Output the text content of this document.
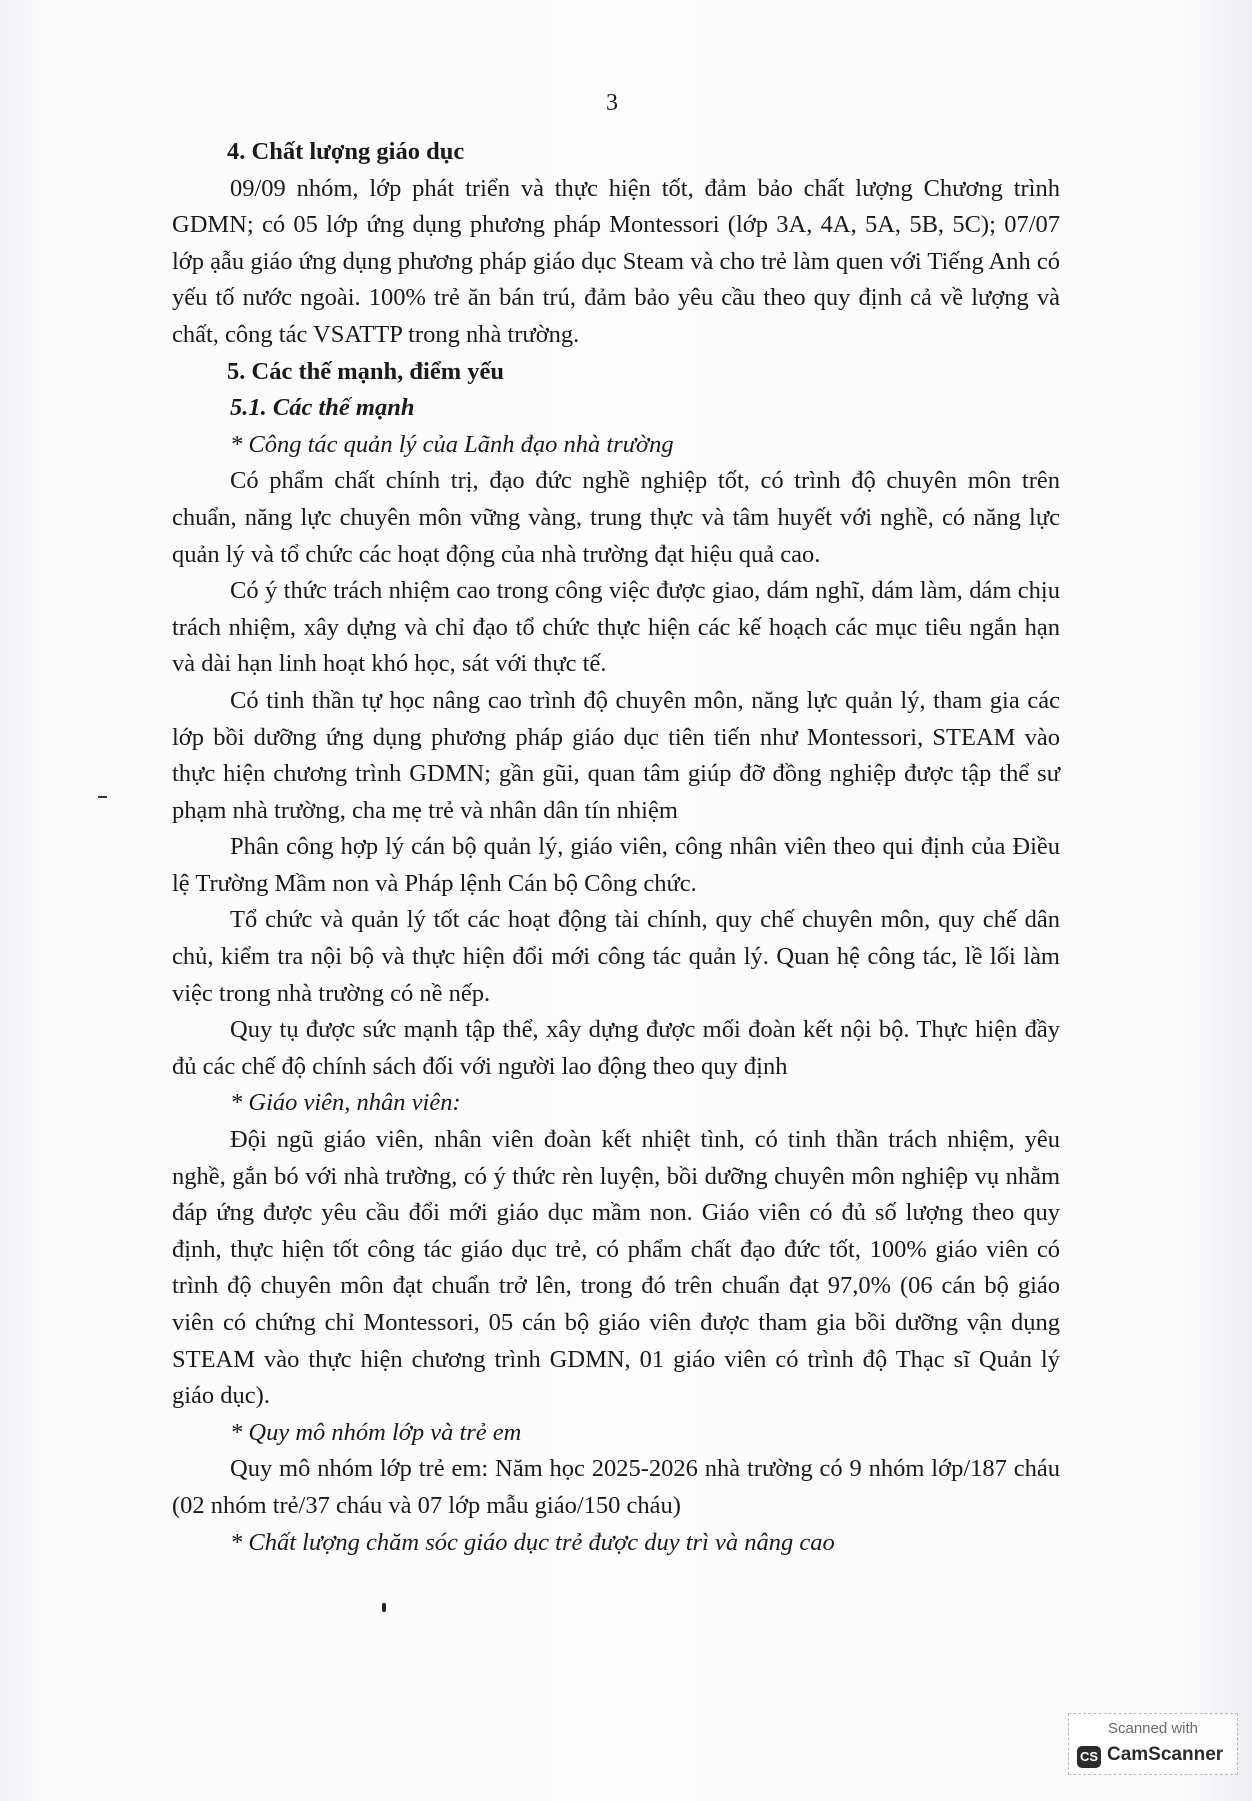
3

4. Chất lượng giáo dục

09/09 nhóm, lớp phát triển và thực hiện tốt, đảm bảo chất lượng Chương trình GDMN; có 05 lớp ứng dụng phương pháp Montessori (lớp 3A, 4A, 5A, 5B, 5C); 07/07 lớp ạẫu giáo ứng dụng phương pháp giáo dục Steam và cho trẻ làm quen với Tiếng Anh có yếu tố nước ngoài. 100% trẻ ăn bán trú, đảm bảo yêu cầu theo quy định cả về lượng và chất, công tác VSATTP trong nhà trường.

5. Các thế mạnh, điểm yếu

5.1. Các thế mạnh

* Công tác quản lý của Lãnh đạo nhà trường

Có phẩm chất chính trị, đạo đức nghề nghiệp tốt, có trình độ chuyên môn trên chuẩn, năng lực chuyên môn vững vàng, trung thực và tâm huyết với nghề, có năng lực quản lý và tổ chức các hoạt động của nhà trường đạt hiệu quả cao.

Có ý thức trách nhiệm cao trong công việc được giao, dám nghĩ, dám làm, dám chịu trách nhiệm, xây dựng và chỉ đạo tổ chức thực hiện các kế hoạch các mục tiêu ngắn hạn và dài hạn linh hoạt khó học, sát với thực tế.

Có tinh thần tự học nâng cao trình độ chuyên môn, năng lực quản lý, tham gia các lớp bồi dưỡng ứng dụng phương pháp giáo dục tiên tiến như Montessori, STEAM vào thực hiện chương trình GDMN; gần gũi, quan tâm giúp đỡ đồng nghiệp được tập thể sư phạm nhà trường, cha mẹ trẻ và nhân dân tín nhiệm

Phân công hợp lý cán bộ quản lý, giáo viên, công nhân viên theo qui định của Điều lệ Trường Mầm non và Pháp lệnh Cán bộ Công chức.

Tổ chức và quản lý tốt các hoạt động tài chính, quy chế chuyên môn, quy chế dân chủ, kiểm tra nội bộ và thực hiện đổi mới công tác quản lý. Quan hệ công tác, lề lối làm việc trong nhà trường có nề nếp.

Quy tụ được sức mạnh tập thể, xây dựng được mối đoàn kết nội bộ. Thực hiện đầy đủ các chế độ chính sách đối với người lao động theo quy định

* Giáo viên, nhân viên:

Đội ngũ giáo viên, nhân viên đoàn kết nhiệt tình, có tinh thần trách nhiệm, yêu nghề, gắn bó với nhà trường, có ý thức rèn luyện, bồi dưỡng chuyên môn nghiệp vụ nhằm đáp ứng được yêu cầu đổi mới giáo dục mầm non. Giáo viên có đủ số lượng theo quy định, thực hiện tốt công tác giáo dục trẻ, có phẩm chất đạo đức tốt, 100% giáo viên có trình độ chuyên môn đạt chuẩn trở lên, trong đó trên chuẩn đạt 97,0% (06 cán bộ giáo viên có chứng chỉ Montessori, 05 cán bộ giáo viên được tham gia bồi dưỡng vận dụng STEAM vào thực hiện chương trình GDMN, 01 giáo viên có trình độ Thạc sĩ Quản lý giáo dục).

* Quy mô nhóm lớp và trẻ em

Quy mô nhóm lớp trẻ em: Năm học 2025-2026 nhà trường có 9 nhóm lớp/187 cháu (02 nhóm trẻ/37 cháu và 07 lớp mẫu giáo/150 cháu)

* Chất lượng chăm sóc giáo dục trẻ được duy trì và nâng cao

Scanned with
CS CamScanner
